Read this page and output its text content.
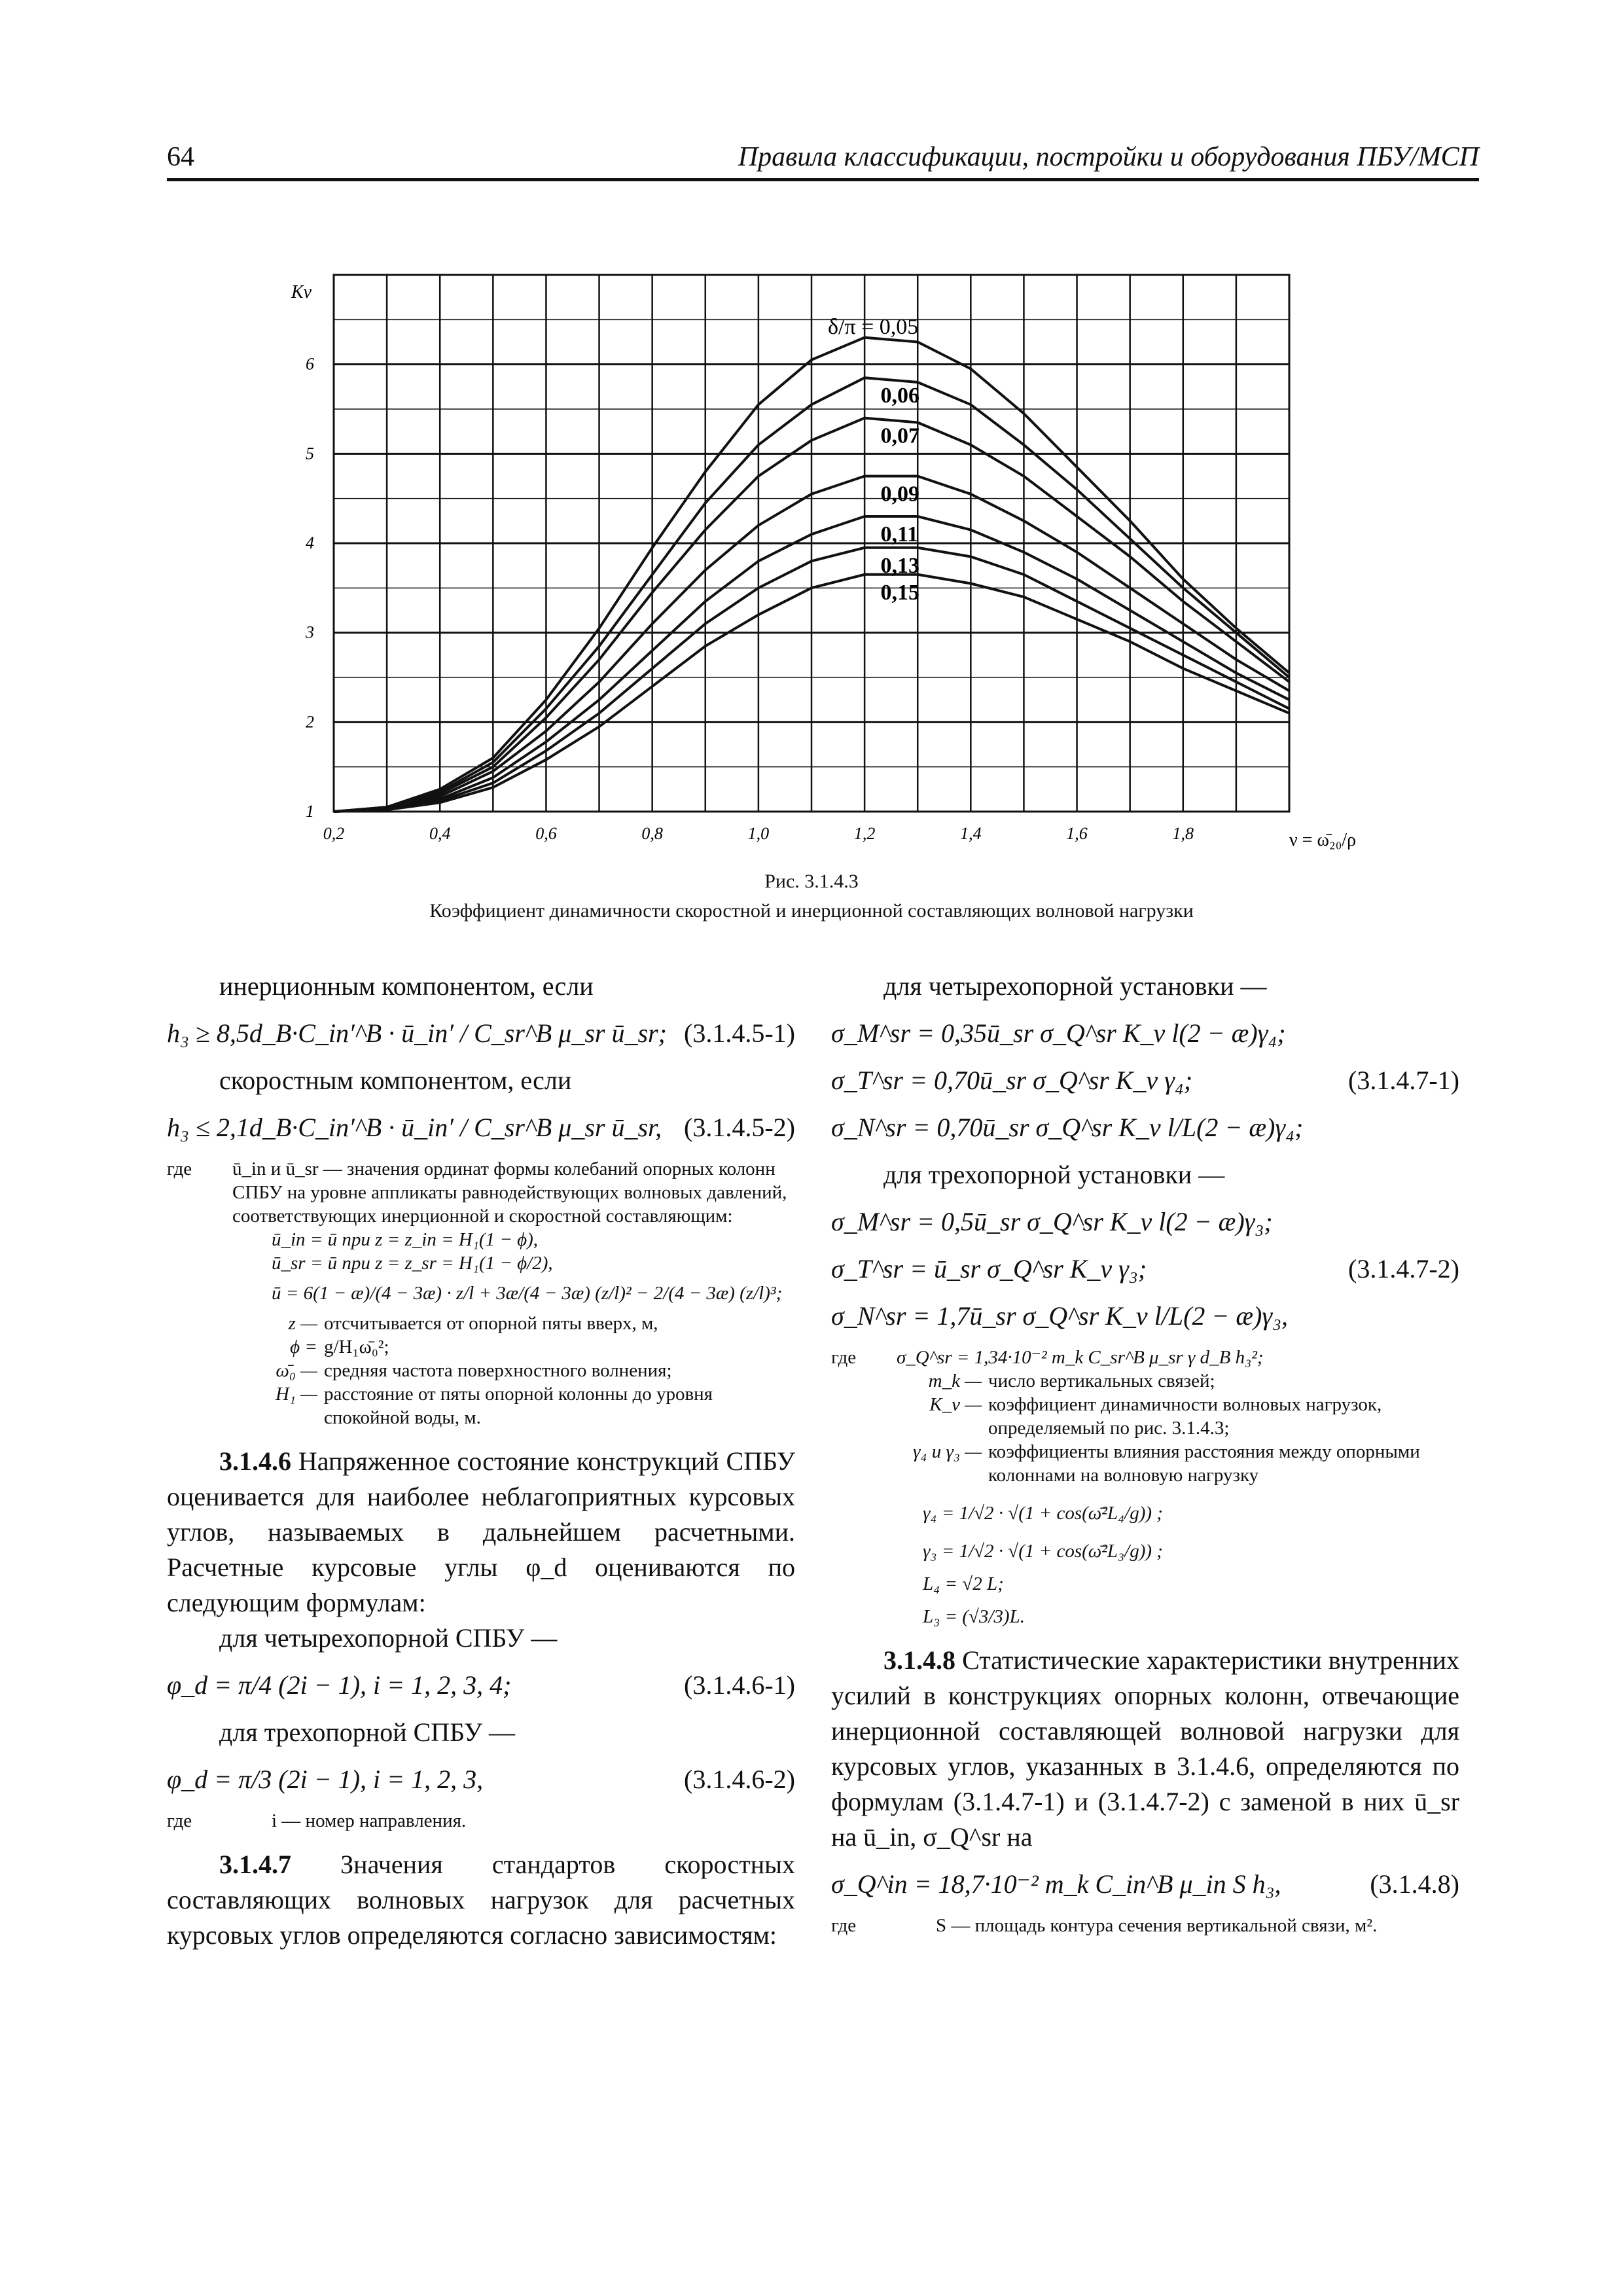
64	Правила классификации, постройки и оборудования ПБУ/МСП
0,2	0,4	0,6	0,8	1,0	1,2	1,4	1,6	1,8
1
2
3
4
5
6
0,06
0,07
0,09
0,11
0,13
0,15
Kv
ν = ω̄₂₀/ρ
δ/π = 0,05
Рис. 3.1.4.3
Коэффициент динамичности скоростной и инерционной составляющих волновой нагрузки

инерционным компонентом, если

h₃ ≥ 8,5d_B·C_in′^B · ū_in′ / C_sr^B μ_sr ū_sr; (3.1.4.5-1)

скоростным компонентом, если

h₃ ≤ 2,1d_B·C_in′^B · ū_in′ / C_sr^B μ_sr ū_sr, (3.1.4.5-2)
где	ū_in и ū_sr — значения ординат формы колебаний опорных колонн СПБУ на уровне аппликаты равнодействующих волновых давлений, соответствующих инерционной и скоростной составляющим:
ū_in = ū при z = z_in = H₁(1 − ϕ),
ū_sr = ū при z = z_sr = H₁(1 − ϕ/2),
ū = 6(1 − æ)/(4 − 3æ) · z/l + 3æ/(4 − 3æ) (z/l)² − 2/(4 − 3æ) (z/l)³;
z — отсчитывается от опорной пяты вверх, м,
ϕ = g/H₁ω̄₀²;
ω̄₀ — средняя частота поверхностного волнения;
H₁ — расстояние от пяты опорной колонны до уровня спокойной воды, м.

3.1.4.6 Напряженное состояние конструкций СПБУ оценивается для наиболее неблагоприятных курсовых углов, называемых в дальнейшем расчетными. Расчетные курсовые углы φ_d оцениваются по следующим формулам:

для четырехопорной СПБУ —

φ_d = π/4 (2i − 1), i = 1, 2, 3, 4;	(3.1.4.6-1)

для трехопорной СПБУ —

φ_d = π/3 (2i − 1), i = 1, 2, 3,	(3.1.4.6-2)
где	i — номер направления.

3.1.4.7 Значения стандартов скоростных составляющих волновых нагрузок для расчетных курсовых углов определяются согласно зависимостям:

для четырехопорной установки —

σ_M^sr = 0,35ū_sr σ_Q^sr K_v l(2 − æ)γ₄;
σ_T^sr = 0,70ū_sr σ_Q^sr K_v γ₄;	(3.1.4.7-1)
σ_N^sr = 0,70ū_sr σ_Q^sr K_v l/L(2 − æ)γ₄;

для трехопорной установки —

σ_M^sr = 0,5ū_sr σ_Q^sr K_v l(2 − æ)γ₃;
σ_T^sr = ū_sr σ_Q^sr K_v γ₃;	(3.1.4.7-2)
σ_N^sr = 1,7ū_sr σ_Q^sr K_v l/L(2 − æ)γ₃,
где	σ_Q^sr = 1,34·10⁻² m_k C_sr^B μ_sr γ d_B h₃²;
m_k — число вертикальных связей;
K_v — коэффициент динамичности волновых нагрузок, определяемый по рис. 3.1.4.3;
γ₄ и γ₃ — коэффициенты влияния расстояния между опорными колоннами на волновую нагрузку
γ₄ = 1/√2 · √(1 + cos(ω̄²L₄/g)) ;
γ₃ = 1/√2 · √(1 + cos(ω̄²L₃/g)) ;
L₄ = √2 L;
L₃ = (√3/3)L.

3.1.4.8 Статистические характеристики внутренних усилий в конструкциях опорных колонн, отвечающие инерционной составляющей волновой нагрузки для курсовых углов, указанных в 3.1.4.6, определяются по формулам (3.1.4.7-1) и (3.1.4.7-2) с заменой в них ū_sr на ū_in, σ_Q^sr на

σ_Q^in = 18,7·10⁻² m_k C_in^B μ_in S h₃,	(3.1.4.8)
где	S — площадь контура сечения вертикальной связи, м².
